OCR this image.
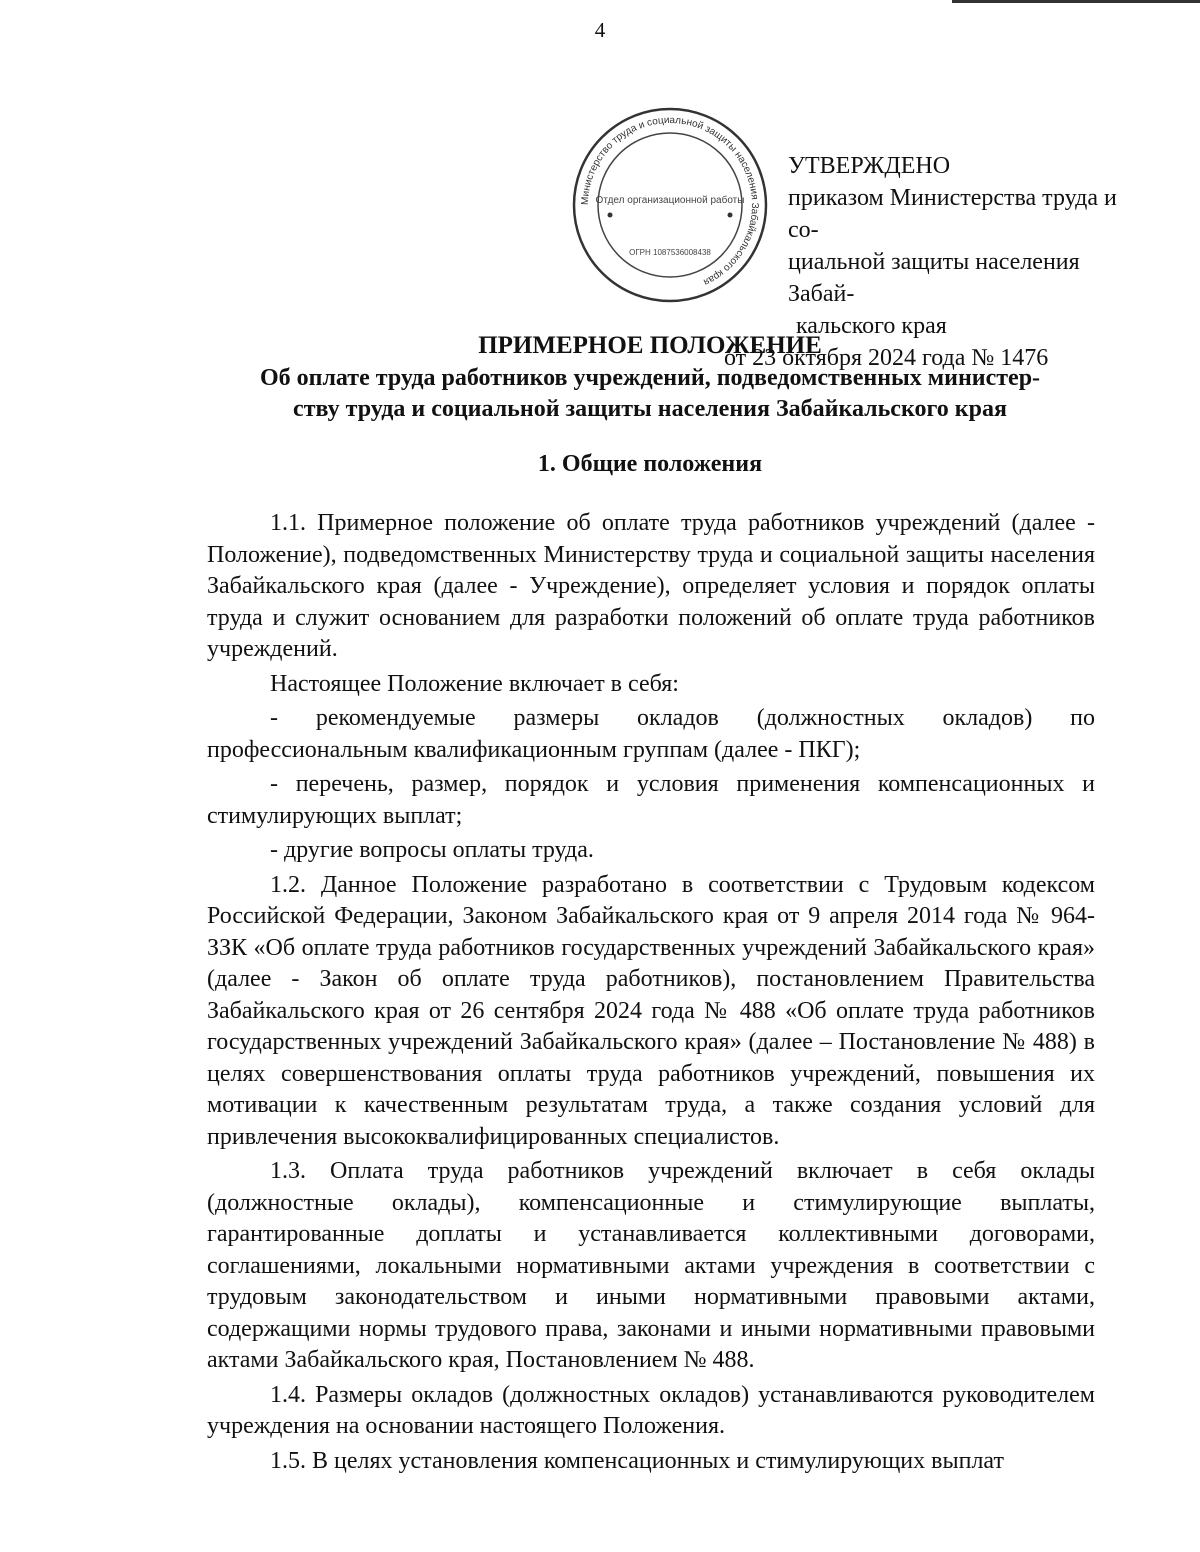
4
Министерство труда и социальной защиты населения Забайкальского края
Отдел организационной работы
ОГРН 1087536008438
УТВЕРЖДЕНО
приказом Министерства труда и со-
циальной защиты населения Забай-
кальского края
от 23 октября 2024 года № 1476
ПРИМЕРНОЕ ПОЛОЖЕНИЕ
Об оплате труда работников учреждений, подведомственных министер-
ству труда и социальной защиты населения Забайкальского края
1. Общие положения

1.1. Примерное положение об оплате труда работников учреждений (далее - Положение), подведомственных Министерству труда и социальной защиты населения Забайкальского края (далее - Учреждение), определяет условия и порядок оплаты труда и служит основанием для разработки положений об оплате труда работников учреждений.

Настоящее Положение включает в себя:

- рекомендуемые размеры окладов (должностных окладов) по профессиональным квалификационным группам (далее - ПКГ);

- перечень, размер, порядок и условия применения компенсационных и стимулирующих выплат;

- другие вопросы оплаты труда.

1.2. Данное Положение разработано в соответствии с Трудовым кодексом Российской Федерации, Законом Забайкальского края от 9 апреля 2014 года № 964-ЗЗК «Об оплате труда работников государственных учреждений Забайкальского края» (далее - Закон об оплате труда работников), постановлением Правительства Забайкальского края от 26 сентября 2024 года № 488 «Об оплате труда работников государственных учреждений Забайкальского края» (далее – Постановление № 488) в целях совершенствования оплаты труда работников учреждений, повышения их мотивации к качественным результатам труда, а также создания условий для привлечения высококвалифицированных специалистов.

1.3. Оплата труда работников учреждений включает в себя оклады (должностные оклады), компенсационные и стимулирующие выплаты, гарантированные доплаты и устанавливается коллективными договорами, соглашениями, локальными нормативными актами учреждения в соответствии с трудовым законодательством и иными нормативными правовыми актами, содержащими нормы трудового права, законами и иными нормативными правовыми актами Забайкальского края, Постановлением № 488.

1.4. Размеры окладов (должностных окладов) устанавливаются руководителем учреждения на основании настоящего Положения.

1.5. В целях установления компенсационных и стимулирующих выплат
